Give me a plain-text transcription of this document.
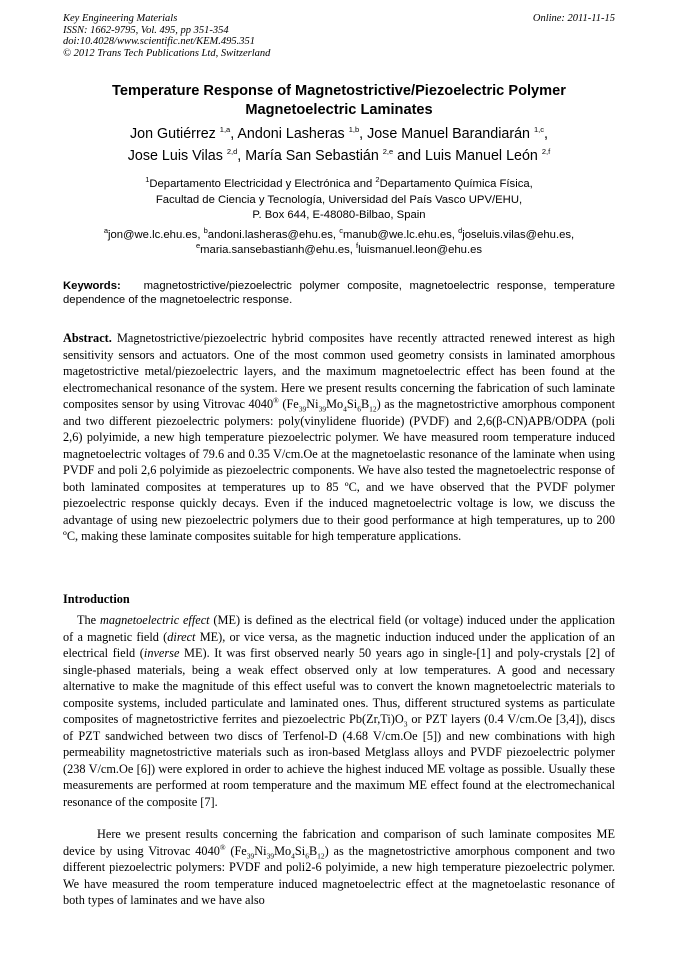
Key Engineering Materials
ISSN: 1662-9795, Vol. 495, pp 351-354
doi:10.4028/www.scientific.net/KEM.495.351
© 2012 Trans Tech Publications Ltd, Switzerland
Online: 2011-11-15
Temperature Response of Magnetostrictive/Piezoelectric Polymer
Magnetoelectric Laminates
Jon Gutiérrez $^{1,a}$, Andoni Lasheras $^{1,b}$, Jose Manuel Barandiarán $^{1,c}$,
Jose Luis Vilas $^{2,d}$, María San Sebastián $^{2,e}$ and Luis Manuel León $^{2,f}$
$^1$Departamento Electricidad y Electrónica and $^2$Departamento Química Física,
Facultad de Ciencia y Tecnología, Universidad del País Vasco UPV/EHU,
P. Box 644, E-48080-Bilbao, Spain
$^a$jon@we.lc.ehu.es, $^b$andoni.lasheras@ehu.es, $^c$manub@we.lc.ehu.es, $^d$joseluis.vilas@ehu.es,
$^e$maria.sansebastianh@ehu.es, $^f$luismanuel.leon@ehu.es
Keywords: magnetostrictive/piezoelectric polymer composite, magnetoelectric response, temperature dependence of the magnetoelectric response.
Abstract. Magnetostrictive/piezoelectric hybrid composites have recently attracted renewed interest as high sensitivity sensors and actuators. One of the most common used geometry consists in laminated amorphous magetostrictive metal/piezoelectric layers, and the maximum magnetoelectric effect has been found at the electromechanical resonance of the system. Here we present results concerning the fabrication of such laminate composites sensor by using Vitrovac 4040® $(Fe_{39}Ni_{39}Mo_4Si_6B_{12})$ as the magnetostrictive amorphous component and two different piezoelectric polymers: poly(vinylidene fluoride) (PVDF) and 2,6(β-CN)APB/ODPA (poli 2,6) polyimide, a new high temperature piezoelectric polymer. We have measured room temperature induced magnetoelectric voltages of 79.6 and 0.35 V/cm.Oe at the magnetoelastic resonance of the laminate when using PVDF and poli 2,6 polyimide as piezoelectric components. We have also tested the magnetoelectric response of both laminated composites at temperatures up to 85 ºC, and we have observed that the PVDF polymer piezoelectric response quickly decays. Even if the induced magnetoelectric voltage is low, we discuss the advantage of using new piezoelectric polymers due to their good performance at high temperatures, up to 200 ºC, making these laminate composites suitable for high temperature applications.
Introduction
The magnetoelectric effect (ME) is defined as the electrical field (or voltage) induced under the application of a magnetic field (direct ME), or vice versa, as the magnetic induction induced under the application of an electrical field (inverse ME). It was first observed nearly 50 years ago in single-[1] and poly-crystals [2] of single-phased materials, being a weak effect observed only at low temperatures. A good and necessary alternative to make the magnitude of this effect useful was to convert the known magnetoelectric materials to composite systems, included particulate and laminated ones. Thus, different structured systems as particulate composites of magnetostrictive ferrites and piezoelectric $Pb(Zr,Ti)O_3$ or PZT layers (0.4 V/cm.Oe [3,4]), discs of PZT sandwiched between two discs of Terfenol-D (4.68 V/cm.Oe [5]) and new combinations with high permeability magnetostrictive materials such as iron-based Metglass alloys and PVDF piezoelectric polymer (238 V/cm.Oe [6]) were explored in order to achieve the highest induced ME voltage as possible. Usually these measurements are performed at room temperature and the maximum ME effect found at the electromechanical resonance of the composite [7].
Here we present results concerning the fabrication and comparison of such laminate composites ME device by using Vitrovac 4040® $(Fe_{39}Ni_{39}Mo_4Si_6B_{12})$ as the magnetostrictive amorphous component and two different piezoelectric polymers: PVDF and poli2-6 polyimide, a new high temperature piezoelectric polymer. We have measured the room temperature induced magnetoelectric effect at the magnetoelastic resonance of both types of laminates and we have also
